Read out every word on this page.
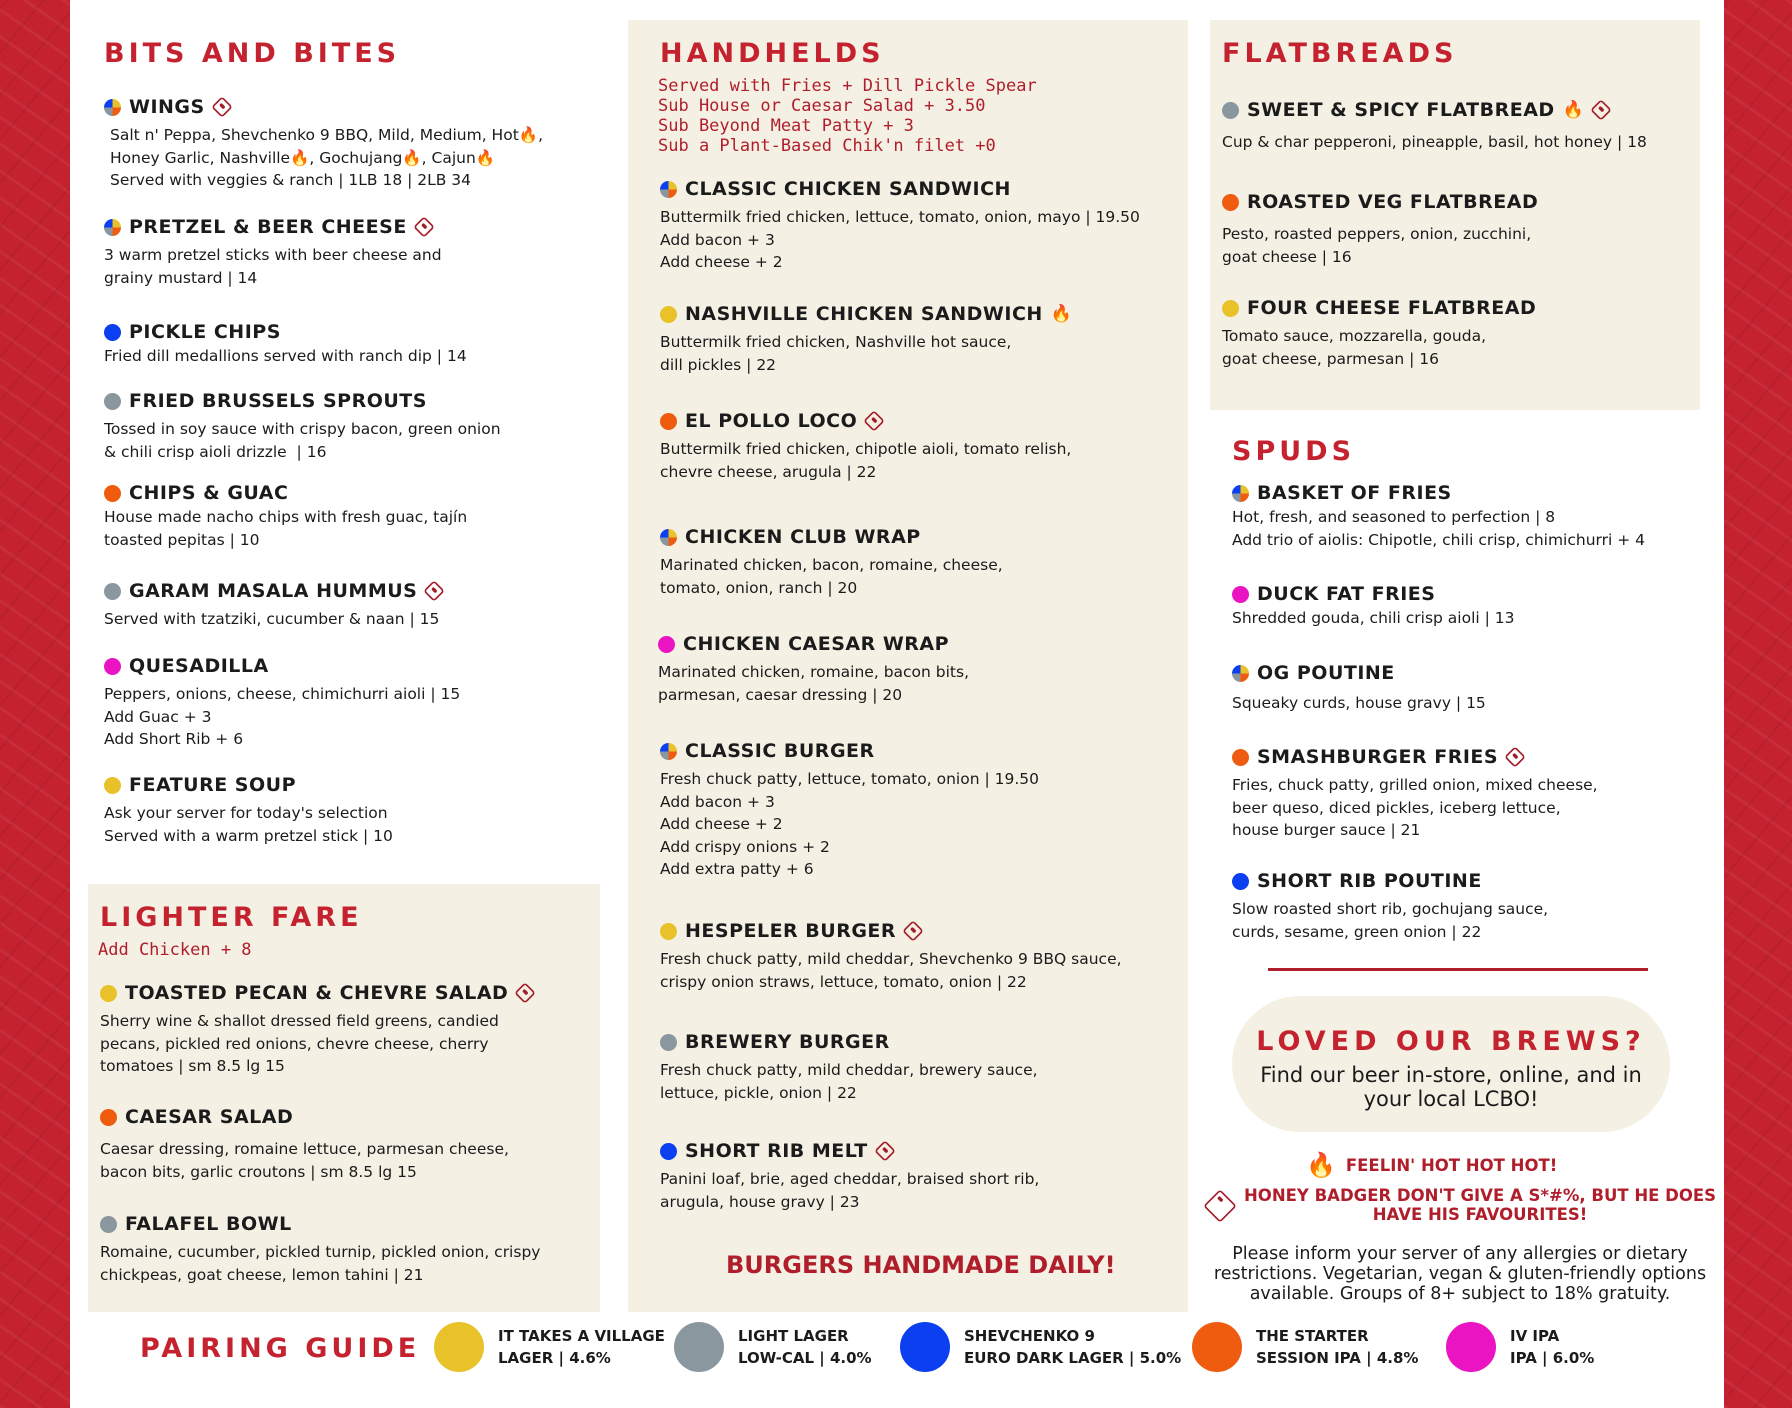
BITS AND BITES
WINGS
Salt n' Peppa, Shevchenko 9 BBQ, Mild, Medium, Hot🔥,
Honey Garlic, Nashville🔥, Gochujang🔥, Cajun🔥
Served with veggies & ranch | 1LB 18 | 2LB 34
PRETZEL & BEER CHEESE
3 warm pretzel sticks with beer cheese and
grainy mustard | 14
PICKLE CHIPS
Fried dill medallions served with ranch dip | 14
FRIED BRUSSELS SPROUTS
Tossed in soy sauce with crispy bacon, green onion
& chili crisp aioli drizzle  | 16
CHIPS & GUAC
House made nacho chips with fresh guac, tajín
toasted pepitas | 10
GARAM MASALA HUMMUS
Served with tzatziki, cucumber & naan | 15
QUESADILLA
Peppers, onions, cheese, chimichurri aioli | 15
Add Guac + 3
Add Short Rib + 6
FEATURE SOUP
Ask your server for today's selection
Served with a warm pretzel stick | 10
LIGHTER FARE
Add Chicken + 8
TOASTED PECAN & CHEVRE SALAD
Sherry wine & shallot dressed field greens, candied
pecans, pickled red onions, chevre cheese, cherry
tomatoes | sm 8.5 lg 15
CAESAR SALAD
Caesar dressing, romaine lettuce, parmesan cheese,
bacon bits, garlic croutons | sm 8.5 lg 15
FALAFEL BOWL
Romaine, cucumber, pickled turnip, pickled onion, crispy
chickpeas, goat cheese, lemon tahini | 21
HANDHELDS
Served with Fries + Dill Pickle Spear
Sub House or Caesar Salad + 3.50
Sub Beyond Meat Patty + 3
Sub a Plant-Based Chik'n filet +0
CLASSIC CHICKEN SANDWICH
Buttermilk fried chicken, lettuce, tomato, onion, mayo | 19.50
Add bacon + 3
Add cheese + 2
NASHVILLE CHICKEN SANDWICH 🔥
Buttermilk fried chicken, Nashville hot sauce,
dill pickles | 22
EL POLLO LOCO
Buttermilk fried chicken, chipotle aioli, tomato relish,
chevre cheese, arugula | 22
CHICKEN CLUB WRAP
Marinated chicken, bacon, romaine, cheese,
tomato, onion, ranch | 20
CHICKEN CAESAR WRAP
Marinated chicken, romaine, bacon bits,
parmesan, caesar dressing | 20
CLASSIC BURGER
Fresh chuck patty, lettuce, tomato, onion | 19.50
Add bacon + 3
Add cheese + 2
Add crispy onions + 2
Add extra patty + 6
HESPELER BURGER
Fresh chuck patty, mild cheddar, Shevchenko 9 BBQ sauce,
crispy onion straws, lettuce, tomato, onion | 22
BREWERY BURGER
Fresh chuck patty, mild cheddar, brewery sauce,
lettuce, pickle, onion | 22
SHORT RIB MELT
Panini loaf, brie, aged cheddar, braised short rib,
arugula, house gravy | 23
BURGERS HANDMADE DAILY!
FLATBREADS
SWEET & SPICY FLATBREAD 🔥
Cup & char pepperoni, pineapple, basil, hot honey | 18
ROASTED VEG FLATBREAD
Pesto, roasted peppers, onion, zucchini,
goat cheese | 16
FOUR CHEESE FLATBREAD
Tomato sauce, mozzarella, gouda,
goat cheese, parmesan | 16
SPUDS
BASKET OF FRIES
Hot, fresh, and seasoned to perfection | 8
Add trio of aiolis: Chipotle, chili crisp, chimichurri + 4
DUCK FAT FRIES
Shredded gouda, chili crisp aioli | 13
OG POUTINE
Squeaky curds, house gravy | 15
SMASHBURGER FRIES
Fries, chuck patty, grilled onion, mixed cheese,
beer queso, diced pickles, iceberg lettuce,
house burger sauce | 21
SHORT RIB POUTINE
Slow roasted short rib, gochujang sauce,
curds, sesame, green onion | 22
LOVED OUR BREWS?
Find our beer in-store, online, and in
your local LCBO!
🔥 FEELIN' HOT HOT HOT!
HONEY BADGER DON'T GIVE A S*#%, BUT HE DOES
HAVE HIS FAVOURITES!
Please inform your server of any allergies or dietary restrictions. Vegetarian, vegan & gluten-friendly options available. Groups of 8+ subject to 18% gratuity.
PAIRING GUIDE	IT TAKES A VILLAGE
LAGER | 4.6%
LIGHT LAGER
LOW-CAL | 4.0%
SHEVCHENKO 9
EURO DARK LAGER | 5.0%
THE STARTER
SESSION IPA | 4.8%
IV IPA
IPA | 6.0%
